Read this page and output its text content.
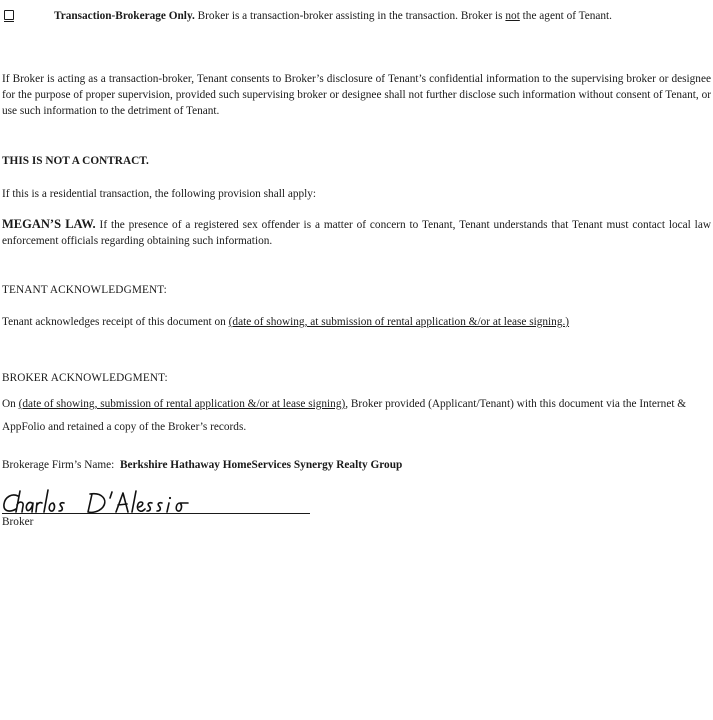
Transaction-Brokerage Only. Broker is a transaction-broker assisting in the transaction. Broker is not the agent of Tenant.

If Broker is acting as a transaction-broker, Tenant consents to Broker’s disclosure of Tenant’s confidential information to the supervising broker or designee for the purpose of proper supervision, provided such supervising broker or designee shall not further disclose such information without consent of Tenant, or use such information to the detriment of Tenant.

THIS IS NOT A CONTRACT.

If this is a residential transaction, the following provision shall apply:

MEGAN’S LAW. If the presence of a registered sex offender is a matter of concern to Tenant, Tenant understands that Tenant must contact local law enforcement officials regarding obtaining such information.

TENANT ACKNOWLEDGMENT:

Tenant acknowledges receipt of this document on (date of showing, at submission of rental application &/or at lease signing.)

BROKER ACKNOWLEDGMENT:

On (date of showing, submission of rental application &/or at lease signing), Broker provided (Applicant/Tenant) with this document via the Internet & AppFolio and retained a copy of the Broker’s records.

Brokerage Firm’s Name: Berkshire Hathaway HomeServices Synergy Realty Group

Broker
